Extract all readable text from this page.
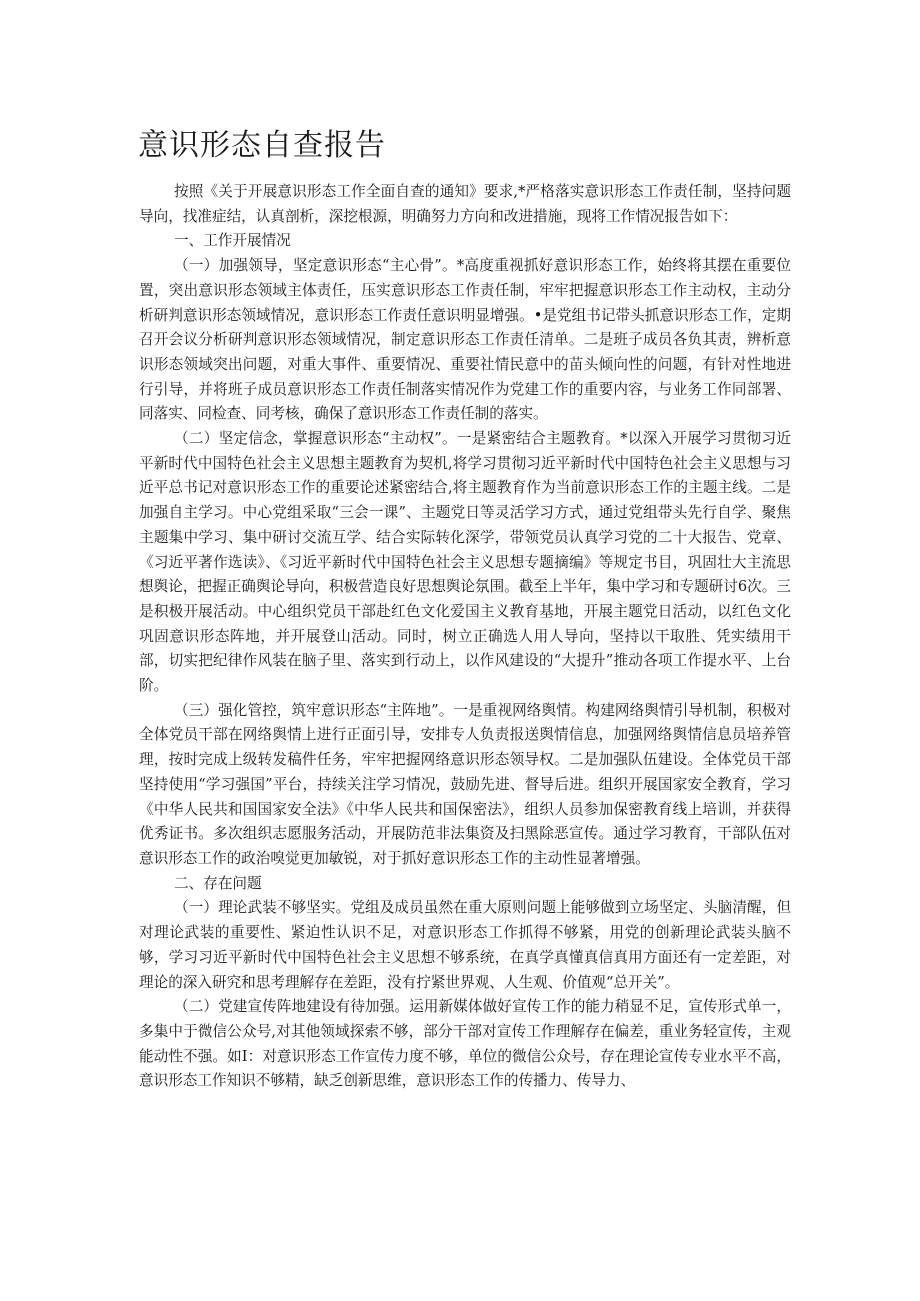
意识形态自查报告

按照《关于开展意识形态工作全面自查的通知》要求,*严格落实意识形态工作责任制，坚持问题导向，找准症结，认真剖析，深挖根源，明确努力方向和改进措施，现将工作情况报告如下：

一、工作开展情况

（一）加强领导，坚定意识形态“主心骨”。*高度重视抓好意识形态工作，始终将其摆在重要位置，突出意识形态领域主体责任，压实意识形态工作责任制，牢牢把握意识形态工作主动权，主动分析研判意识形态领域情况，意识形态工作责任意识明显增强。•是党组书记带头抓意识形态工作，定期召开会议分析研判意识形态领域情况，制定意识形态工作责任清单。二是班子成员各负其责，辨析意识形态领域突出问题，对重大事件、重要情况、重要社情民意中的苗头倾向性的问题，有针对性地进行引导，并将班子成员意识形态工作责任制落实情况作为党建工作的重要内容，与业务工作同部署、同落实、同检查、同考核，确保了意识形态工作责任制的落实。

（二）坚定信念，掌握意识形态“主动权”。一是紧密结合主题教育。*以深入开展学习贯彻习近平新时代中国特色社会主义思想主题教育为契机,将学习贯彻习近平新时代中国特色社会主义思想与习近平总书记对意识形态工作的重要论述紧密结合,将主题教育作为当前意识形态工作的主题主线。二是加强自主学习。中心党组采取“三会一课”、主题党日等灵活学习方式，通过党组带头先行自学、聚焦主题集中学习、集中研讨交流互学、结合实际转化深学，带领党员认真学习党的二十大报告、党章、《习近平著作选读》、《习近平新时代中国特色社会主义思想专题摘编》等规定书目，巩固壮大主流思想舆论，把握正确舆论导向，积极营造良好思想舆论氛围。截至上半年，集中学习和专题研讨6次。三是积极开展活动。中心组织党员干部赴红色文化爱国主义教育基地，开展主题党日活动，以红色文化巩固意识形态阵地，并开展登山活动。同时，树立正确选人用人导向，坚持以干取胜、凭实绩用干部，切实把纪律作风装在脑子里、落实到行动上，以作风建设的“大提升”推动各项工作提水平、上台阶。

（三）强化管控，筑牢意识形态“主阵地”。一是重视网络舆情。构建网络舆情引导机制，积极对全体党员干部在网络舆情上进行正面引导，安排专人负责报送舆情信息，加强网络舆情信息员培养管理，按时完成上级转发稿件任务，牢牢把握网络意识形态领导权。二是加强队伍建设。全体党员干部坚持使用“学习强国”平台，持续关注学习情况，鼓励先进、督导后进。组织开展国家安全教育，学习《中华人民共和国国家安全法》《中华人民共和国保密法》，组织人员参加保密教育线上培训，并获得优秀证书。多次组织志愿服务活动，开展防范非法集资及扫黑除恶宣传。通过学习教育，干部队伍对意识形态工作的政治嗅觉更加敏锐，对于抓好意识形态工作的主动性显著增强。

二、存在问题

（一）理论武装不够坚实。党组及成员虽然在重大原则问题上能够做到立场坚定、头脑清醒，但对理论武装的重要性、紧迫性认识不足，对意识形态工作抓得不够紧，用党的创新理论武装头脑不够，学习习近平新时代中国特色社会主义思想不够系统，在真学真懂真信真用方面还有一定差距，对理论的深入研究和思考理解存在差距，没有拧紧世界观、人生观、价值观“总开关”。

（二）党建宣传阵地建设有待加强。运用新媒体做好宣传工作的能力稍显不足，宣传形式单一，多集中于微信公众号,对其他领域探索不够，部分干部对宣传工作理解存在偏差，重业务轻宣传，主观能动性不强。如I：对意识形态工作宣传力度不够，单位的微信公众号，存在理论宣传专业水平不高，意识形态工作知识不够精，缺乏创新思维，意识形态工作的传播力、传导力、
